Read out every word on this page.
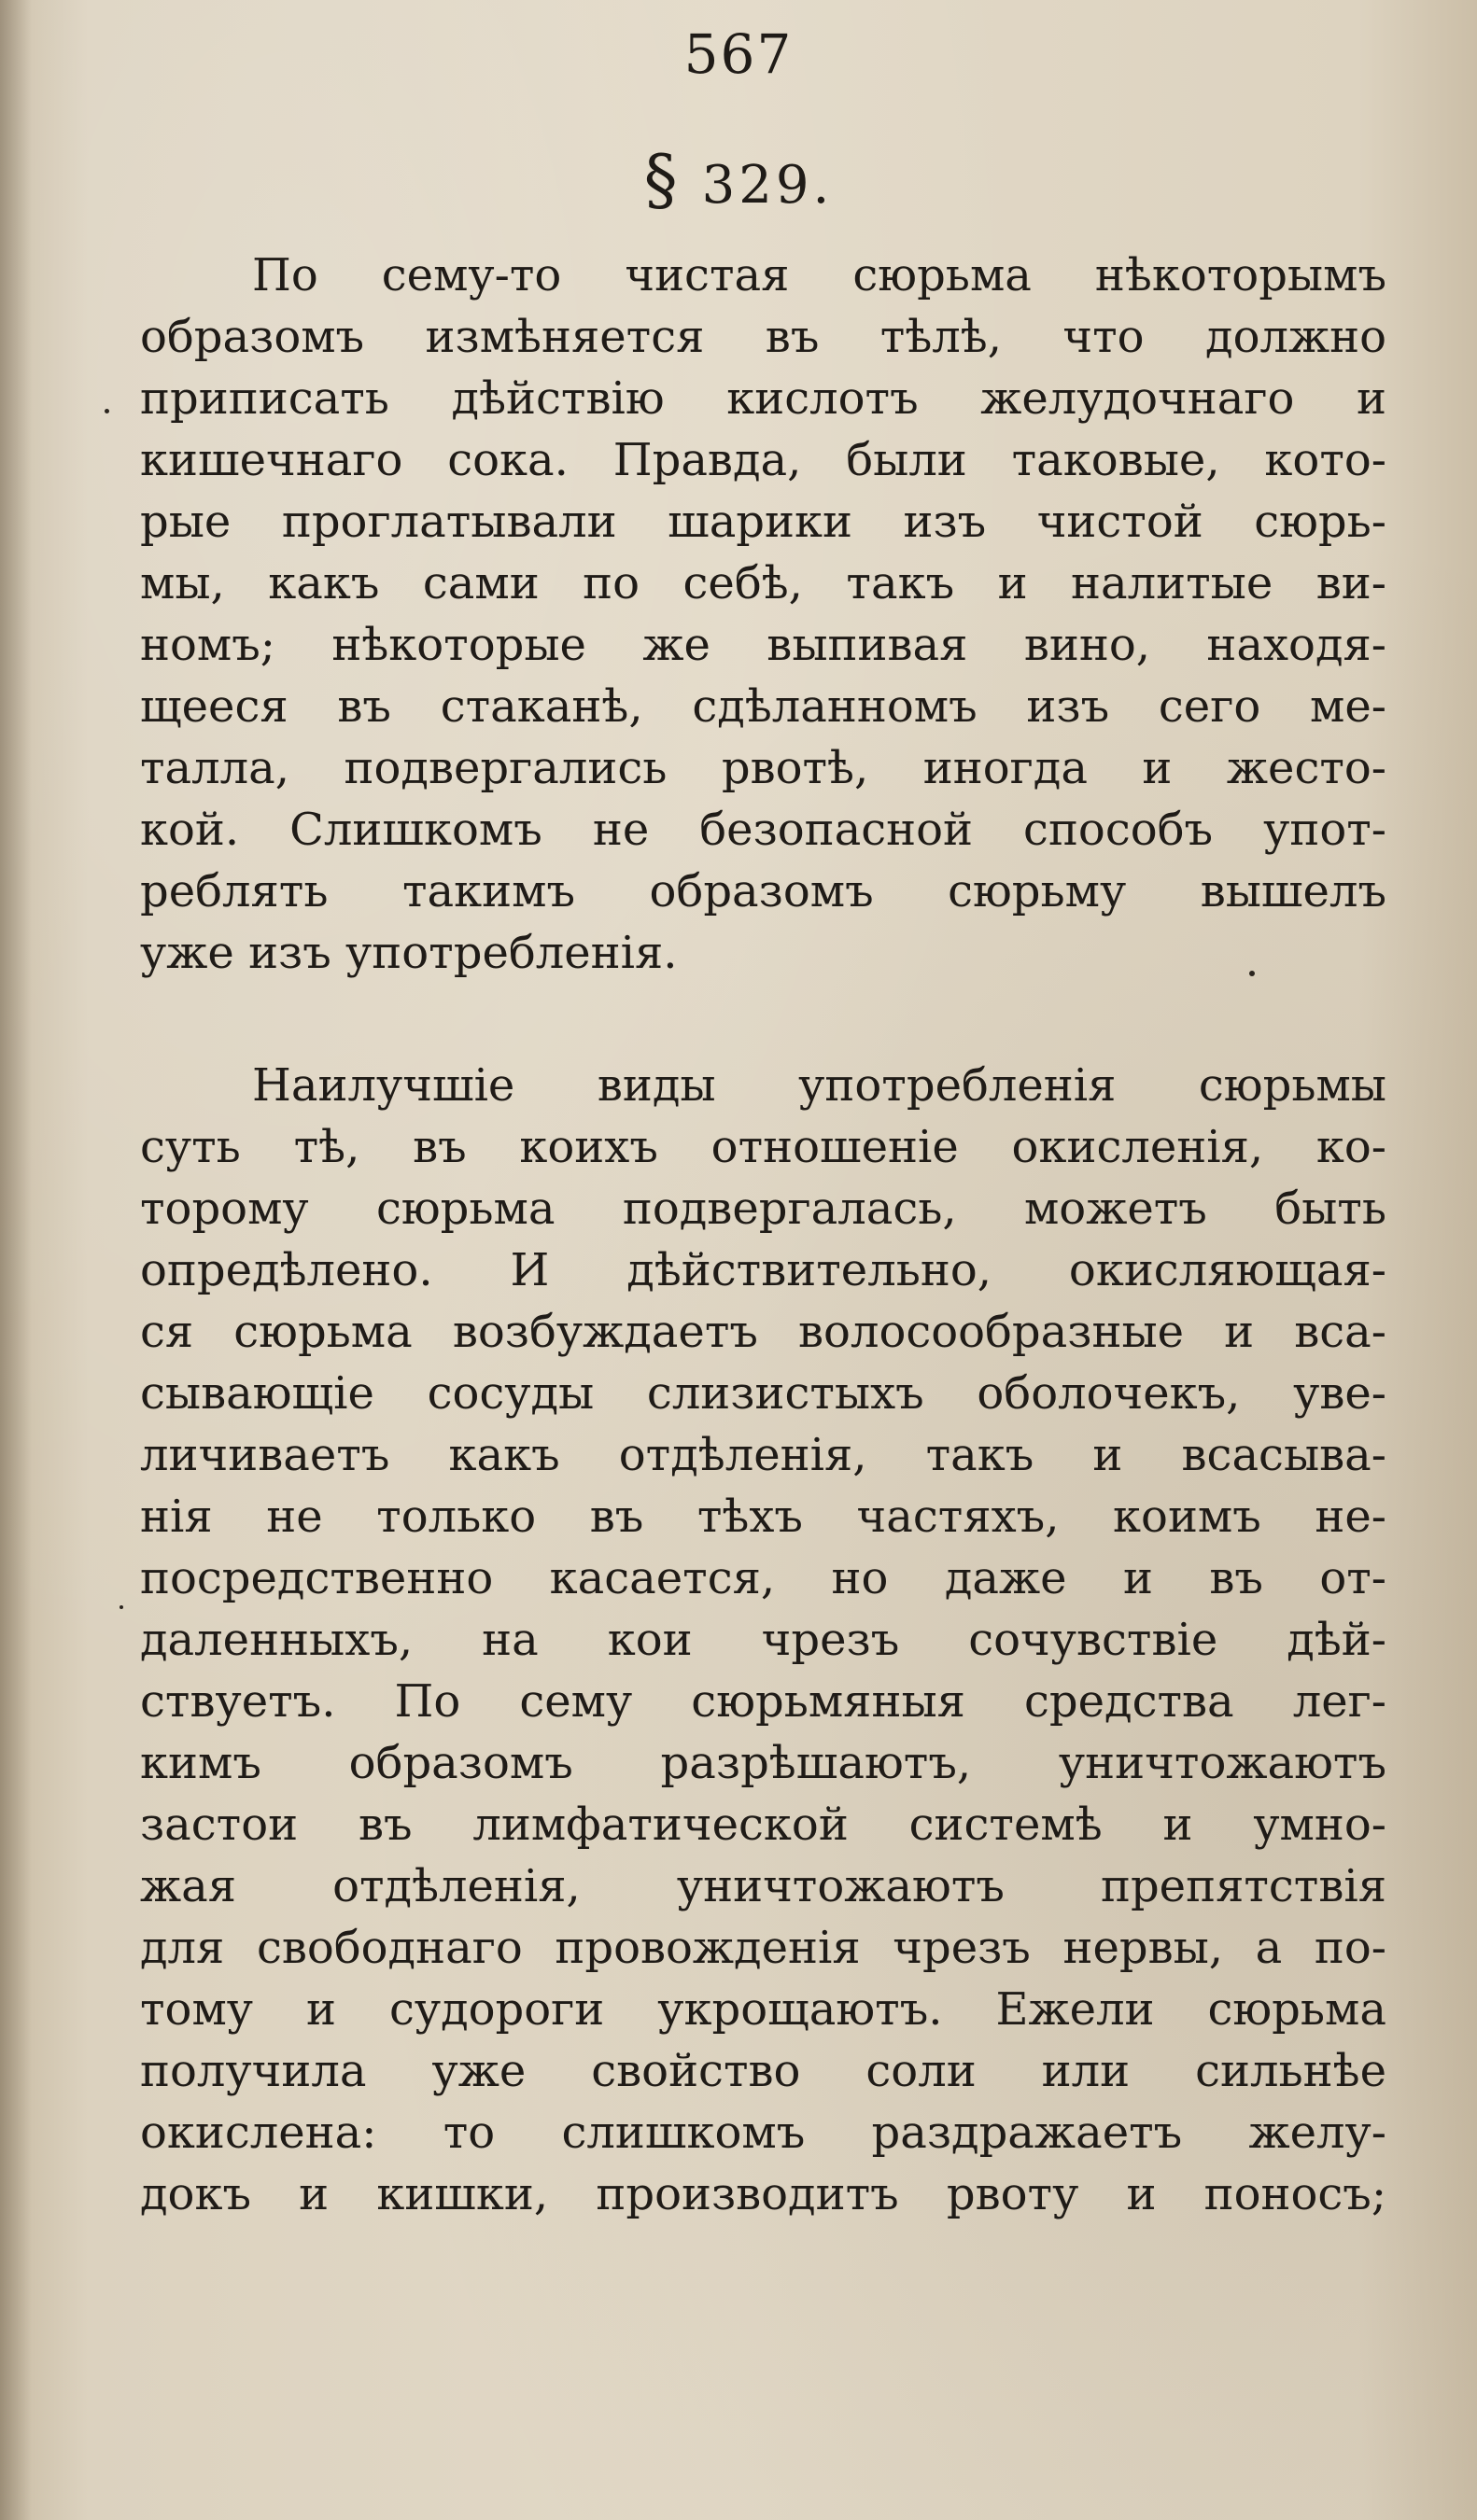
567
§ 329.

По сему-то чистая сюрьма нѣкоторымъ
образомъ измѣняется въ тѣлѣ, что должно
приписать дѣйствію кислотъ желудочнаго и
кишечнаго сока. Правда, были таковые, кото-
рые проглатывали шарики изъ чистой сюрь-
мы, какъ сами по себѣ, такъ и налитые ви-
номъ; нѣкоторые же выпивая вино, находя-
щееся въ стаканѣ, сдѣланномъ изъ сего ме-
талла, подвергались рвотѣ, иногда и жесто-
кой. Слишкомъ не безопасной способъ упот-
реблять такимъ образомъ сюрьму вышелъ
уже изъ употребленія.

Наилучшіе виды употребленія сюрьмы
суть тѣ, въ коихъ отношеніе окисленія, ко-
торому сюрьма подвергалась, можетъ быть
опредѣлено. И дѣйствительно, окисляющая-
ся сюрьма возбуждаетъ волосообразные и вса-
сывающіе сосуды слизистыхъ оболочекъ, уве-
личиваетъ какъ отдѣленія, такъ и всасыва-
нія не только въ тѣхъ частяхъ, коимъ не-
посредственно касается, но даже и въ от-
даленныхъ, на кои чрезъ сочувствіе дѣй-
ствуетъ. По сему сюрьмяныя средства лег-
кимъ образомъ разрѣшаютъ, уничтожаютъ
застои въ лимфатической системѣ и умно-
жая отдѣленія, уничтожаютъ препятствія
для свободнаго провожденія чрезъ нервы, а по-
тому и судороги укрощаютъ. Ежели сюрьма
получила уже свойство соли или сильнѣе
окислена: то слишкомъ раздражаетъ желу-
докъ и кишки, производитъ рвоту и поносъ;
